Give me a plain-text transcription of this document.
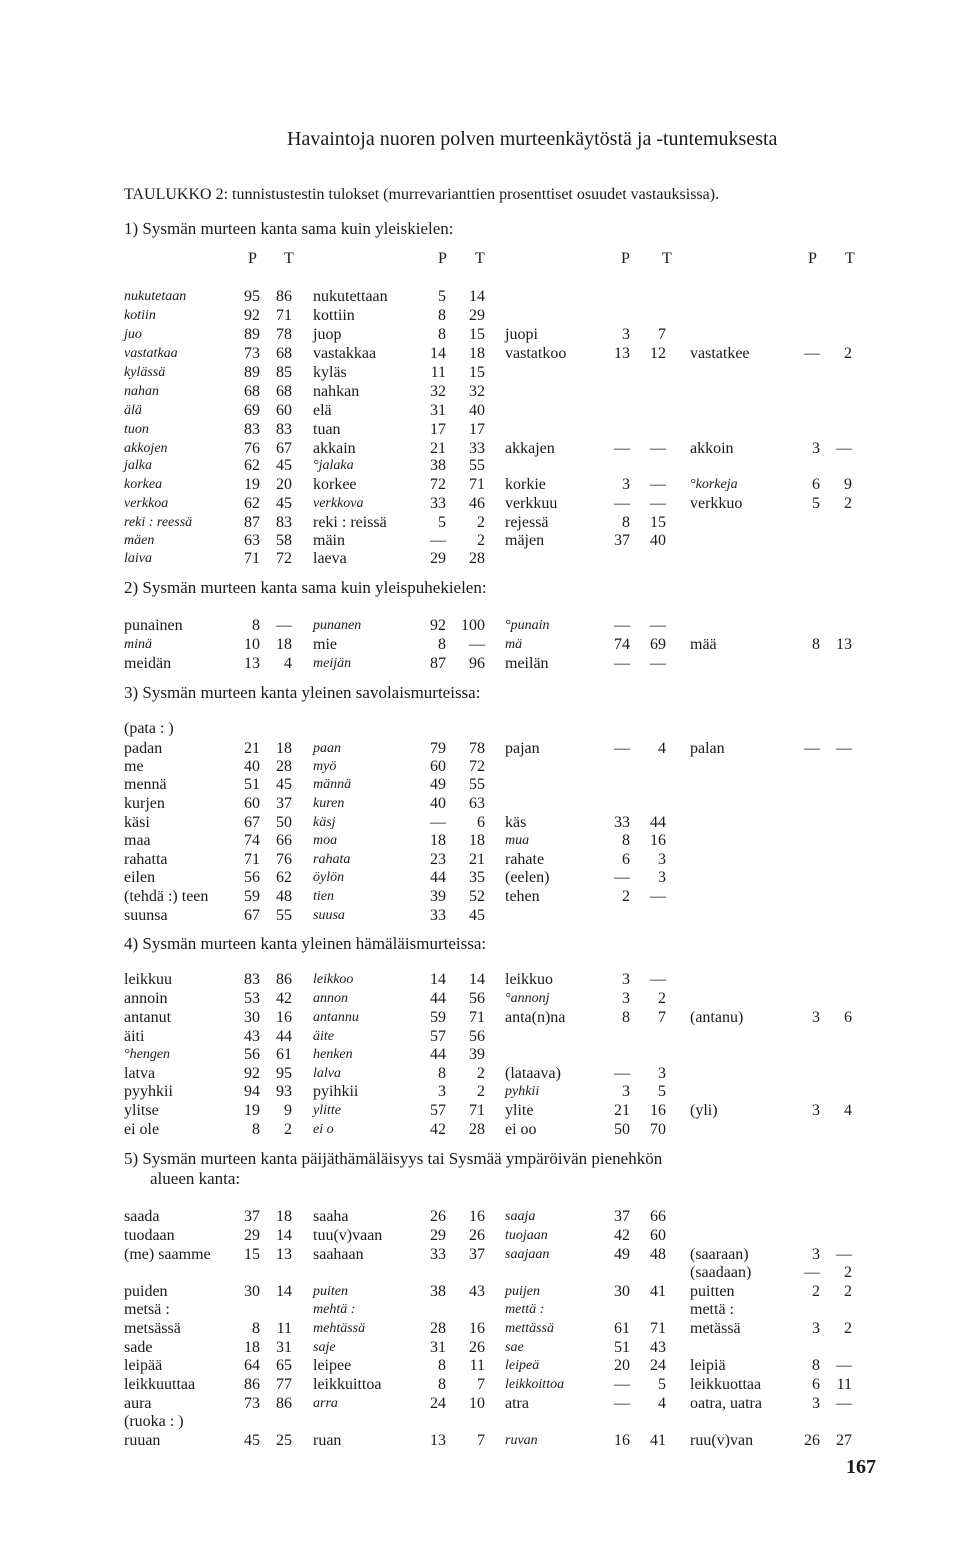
Havaintoja nuoren polven murteenkäytöstä ja -tuntemuksesta
TAULUKKO 2: tunnistustestin tulokset (murrevarianttien prosenttiset osuudet vastauksissa).
1) Sysmän murteen kanta sama kuin yleiskielen:
2) Sysmän murteen kanta sama kuin yleispuhekielen:
3) Sysmän murteen kanta yleinen savolaismurteissa:
4) Sysmän murteen kanta yleinen hämäläismurteissa:
5) Sysmän murteen kanta päijäthämäläisyys tai Sysmää ympäröivän pienehkön
alueen kanta:
167
P T	P T	P T	P T
nukutetaan	95 86 nukutettaan	5 14
kotiin	92 71 kottiin	8 29
juo	89 78 juop	8 15 juopi	3 7
vastatkaa	73 68 vastakkaa	14 18 vastatkoo	13 12 vastatkee	— 2
kylässä	89 85 kyläs	11 15
nahan	68 68 nahkan	32 32
älä	69 60 elä	31 40
tuon	83 83 tuan	17 17
akkojen	76 67 akkain	21 33 akkajen	— — akkoin	3 —
jalka	62 45 °jalaka	38 55
korkea	19 20 korkee	72 71 korkie	3 — °korkeja	6 9
verkkoa	62 45 verkkova	33 46 verkkuu	— — verkkuo	5 2
reki : reessä	87 83 reki : reissä	5 2 rejessä	8 15
mäen	63 58 mäin	— 2 mäjen	37 40
laiva	71 72 laeva	29 28
punainen	8 — punanen	92 100 °punain	— —
minä	10 18 mie	8 — mä	74 69 mää	8 13
meidän	13 4 meijän	87 96 meilän	— —
(pata : )
padan	21 18 paan	79 78 pajan	— 4 palan	— —
me	40 28 myö	60 72
mennä	51 45 männä	49 55
kurjen	60 37 kuren	40 63
käsi	67 50 käsj	— 6 käs	33 44
maa	74 66 moa	18 18 mua	8 16
rahatta	71 76 rahata	23 21 rahate	6 3
eilen	56 62 öylön	44 35 (eelen)	— 3
(tehdä :) teen 59 48 tien	39 52 tehen	2 —
suunsa	67 55 suusa	33 45
leikkuu	83 86 leikkoo	14 14 leikkuo	3 —
annoin	53 42 annon	44 56 °annonj	3 2
antanut	30 16 antannu	59 71 anta(n)na	8 7 (antanu)	3 6
äiti	43 44 äite	57 56
°hengen	56 61 henken	44 39
latva	92 95 lalva	8 2 (lataava)	— 3
pyyhkii	94 93 pyihkii	3 2 pyhkii	3 5
ylitse	19 9 ylitte	57 71 ylite	21 16 (yli)	3 4
ei ole	8 2 ei o	42 28 ei oo	50 70
saada	37 18 saaha	26 16 saaja	37 66
tuodaan	29 14 tuu(v)vaan	29 26 tuojaan	42 60
(me) saamme 15 13 saahaan	33 37 saajaan	49 48 (saaraan)	3 —
(saadaan)	— 2
puiden	30 14 puiten	38 43 puijen	30 41 puitten	2 2
metsä :	mehtä :	mettä :	mettä :
metsässä	8 11 mehtässä	28 16 mettässä	61 71 metässä	3 2
sade	18 31 saje	31 26 sae	51 43
leipää	64 65 leipee	8 11 leipeä	20 24 leipiä	8 —
leikkuuttaa	86 77 leikkuittoa	8 7 leikkoittoa	— 5 leikkuottaa	6 11
aura	73 86 arra	24 10 atra	— 4 oatra, uatra	3 —
(ruoka : )
ruuan	45 25 ruan	13 7 ruvan	16 41 ruu(v)van	26 27
